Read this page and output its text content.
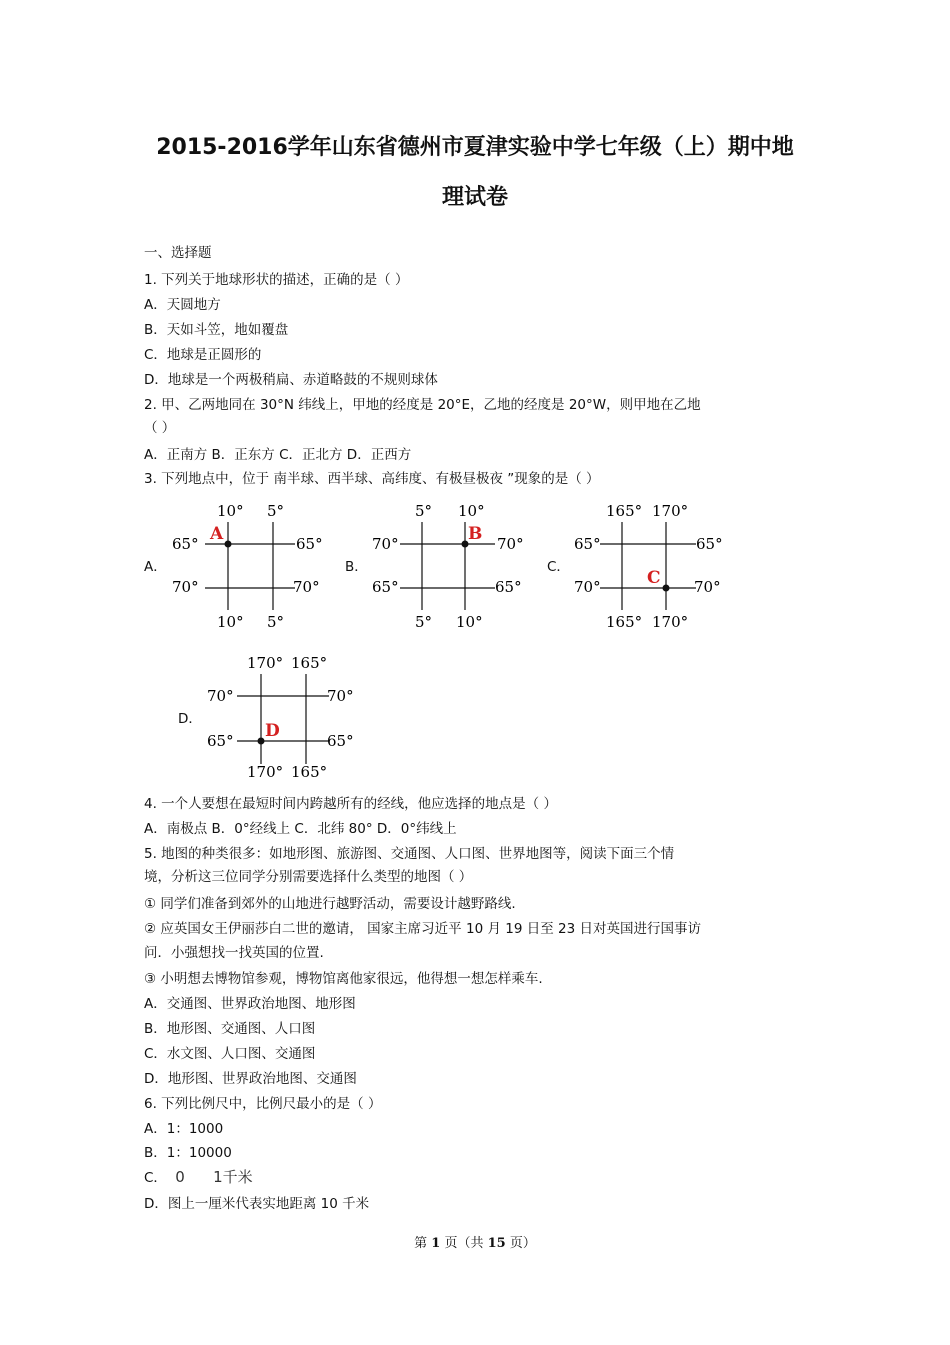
2015-2016学年山东省德州市夏津实验中学七年级（上）期中地
理试卷
一、选择题
1. 下列关于地球形状的描述，正确的是（ ）
A．天圆地方
B．天如斗笠，地如覆盘
C．地球是正圆形的
D．地球是一个两极稍扁、赤道略鼓的不规则球体
2. 甲、乙两地同在 30°N 纬线上，甲地的经度是 20°E，乙地的经度是 20°W，则甲地在乙地
（ ）
A．正南方 B．正东方 C．正北方 D．正西方
3. 下列地点中，位于 南半球、西半球、高纬度、有极昼极夜 ”现象的是（ ）
A．
10° 5°
65°	65°
70°	70°
10° 5°
A
B．
5° 10°
70°	70°
65°	65°
5° 10°
B
C．
165° 170°
65°	65°
70°	70°
165° 170°
C
D．
170° 165°
70°	70°
65°	65°
170° 165°
D
4. 一个人要想在最短时间内跨越所有的经线，他应选择的地点是（ ）
A．南极点 B．0°经线上 C．北纬 80° D．0°纬线上
5. 地图的种类很多：如地形图、旅游图、交通图、人口图、世界地图等，阅读下面三个情
境，分析这三位同学分别需要选择什么类型的地图（ ）
① 同学们准备到郊外的山地进行越野活动，需要设计越野路线.
② 应英国女王伊丽莎白二世的邀请， 国家主席习近平 10 月 19 日至 23 日对英国进行国事访
问．小强想找一找英国的位置.
③ 小明想去博物馆参观，博物馆离他家很远，他得想一想怎样乘车.
A．交通图、世界政治地图、地形图
B．地形图、交通图、人口图
C．水文图、人口图、交通图
D．地形图、世界政治地图、交通图
6. 下列比例尺中，比例尺最小的是（ ）
A．1：1000
B．1：10000
C． 0 1千米
D．图上一厘米代表实地距离 10 千米
第 1 页（共 15 页）
